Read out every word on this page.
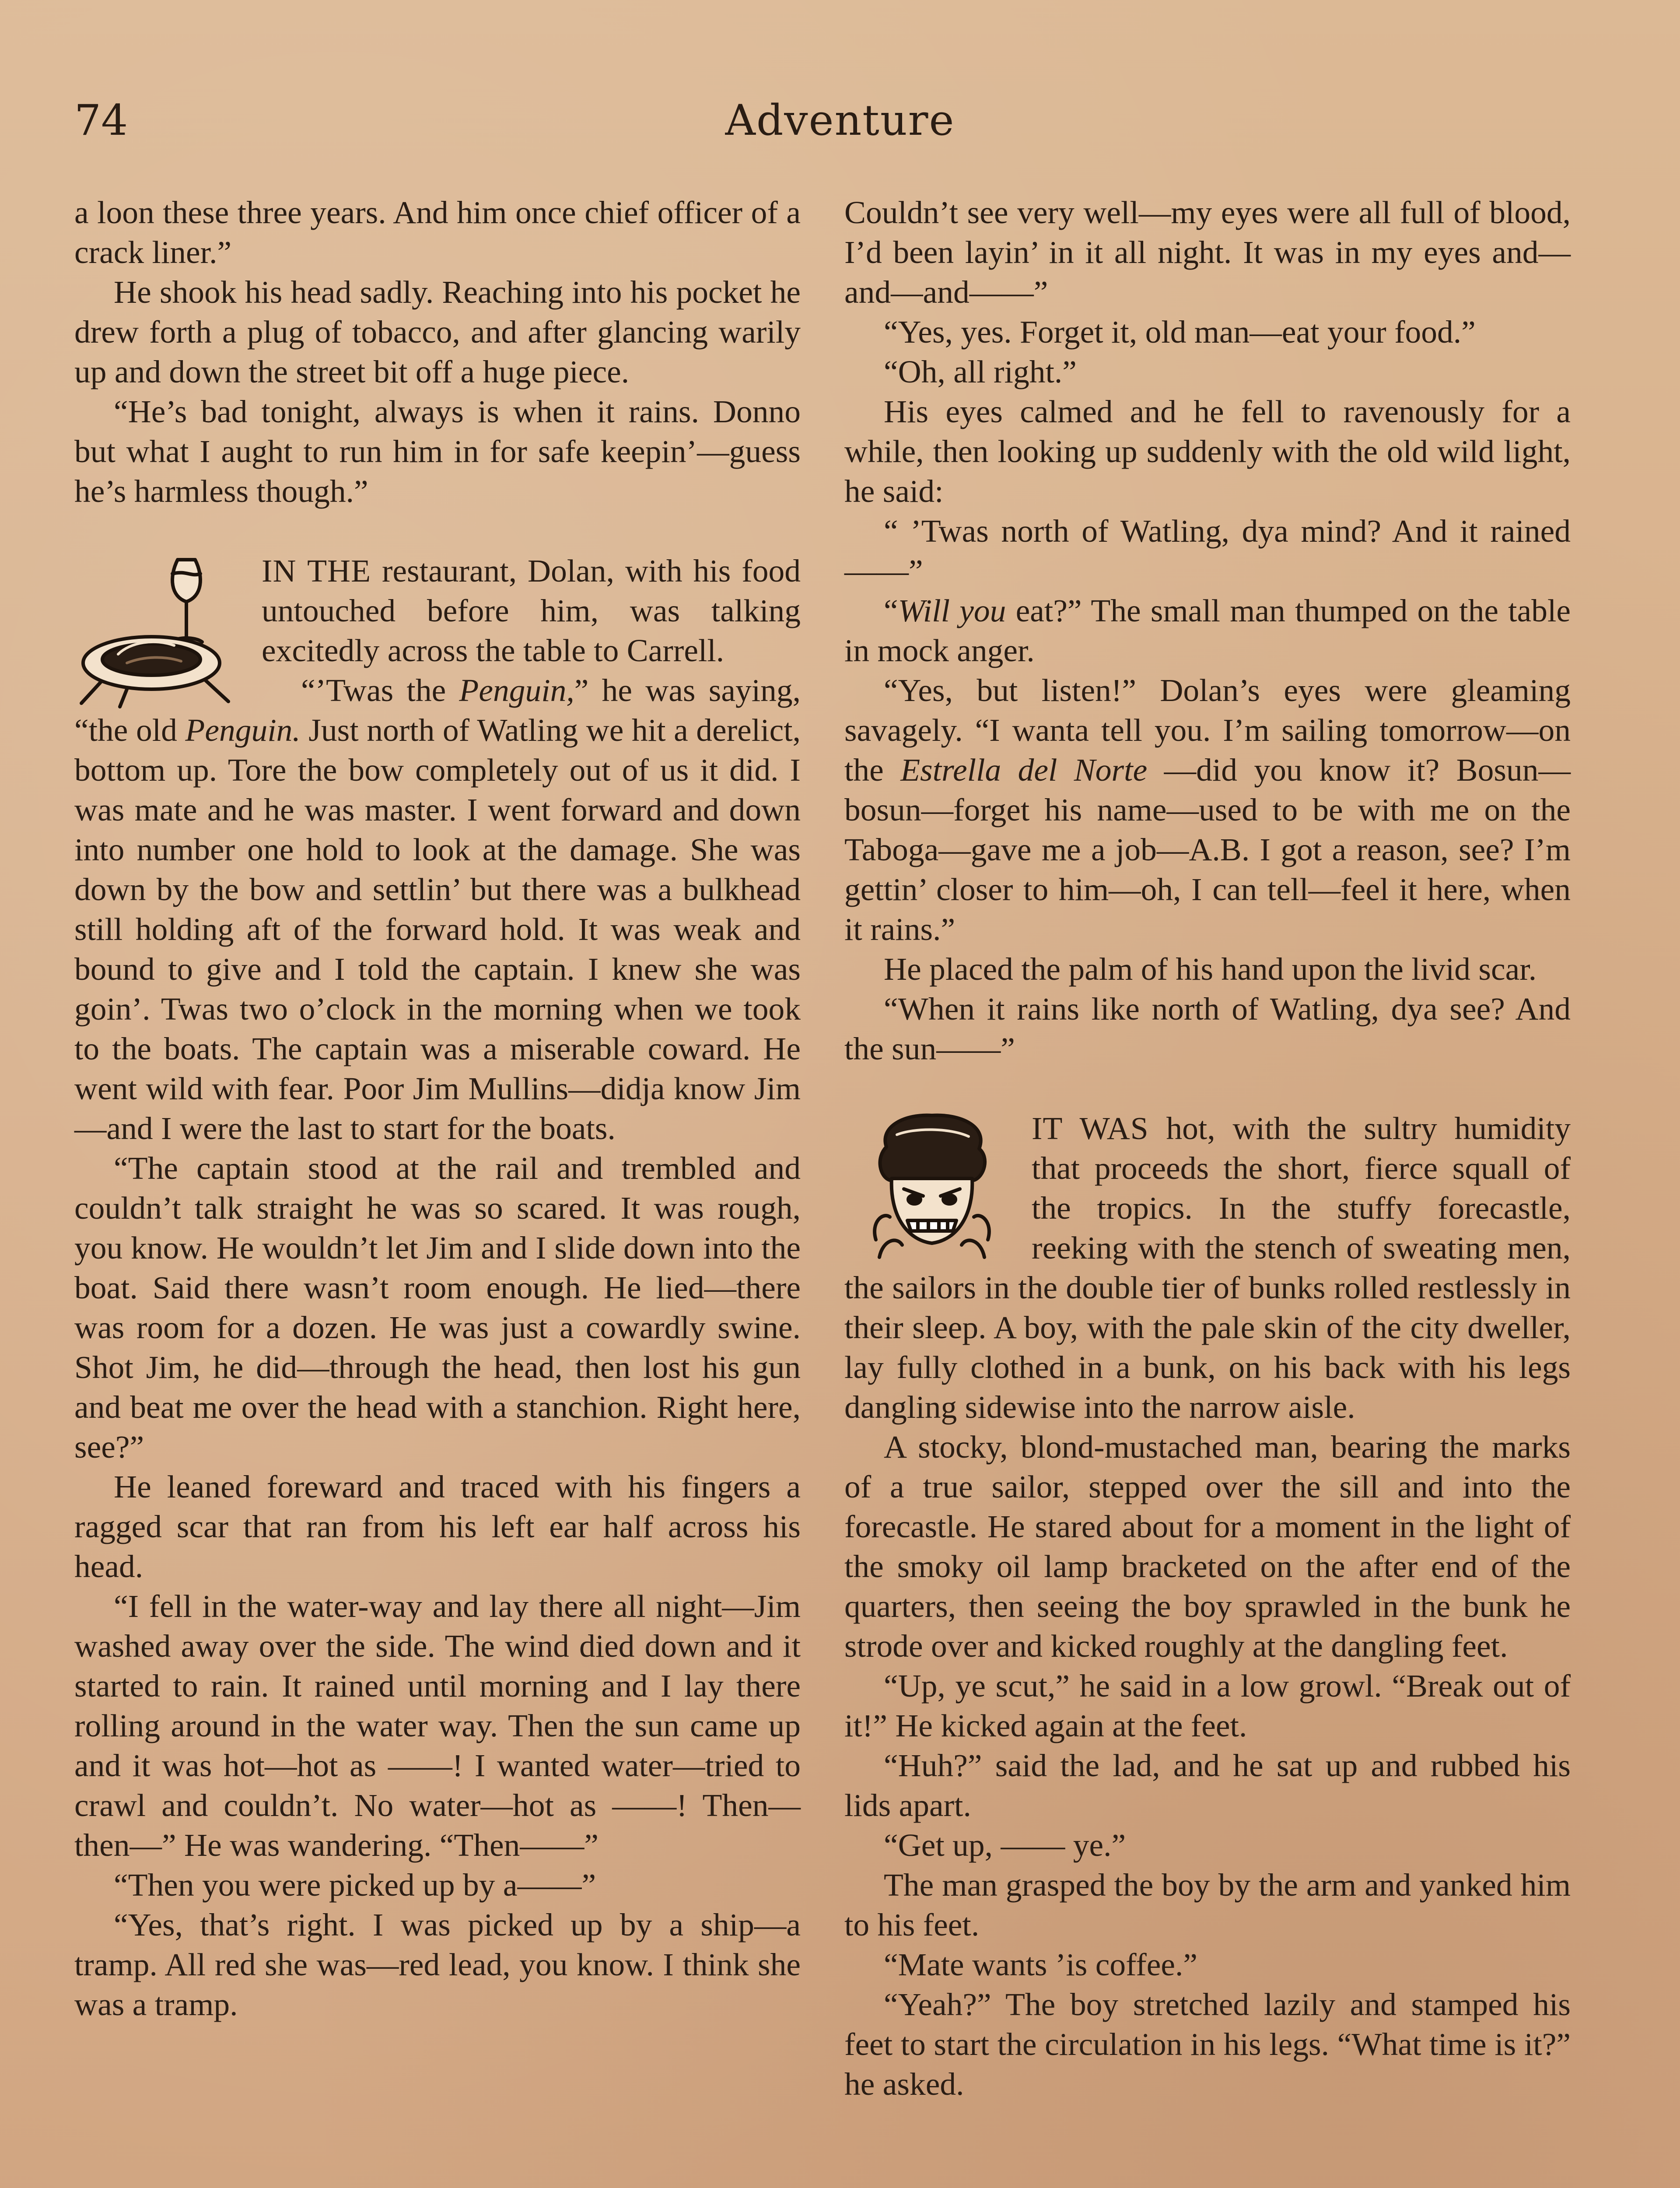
74	Adventure

a loon these three years. And him once chief officer of a crack liner.”

He shook his head sadly. Reaching into his pocket he drew forth a plug of tobacco, and after glancing warily up and down the street bit off a huge piece.

“He’s bad tonight, always is when it rains. Donno but what I aught to run him in for safe keepin’—guess he’s harmless though.”

IN THE restaurant, Dolan, with his food untouched before him, was talking excitedly across the table to Carrell.

“’Twas the Penguin,” he was saying, “the old Penguin. Just north of Watling we hit a derelict, bottom up. Tore the bow completely out of us it did. I was mate and he was master. I went forward and down into number one hold to look at the damage. She was down by the bow and settlin’ but there was a bulkhead still holding aft of the forward hold. It was weak and bound to give and I told the captain. I knew she was goin’. Twas two o’clock in the morning when we took to the boats. The captain was a miserable coward. He went wild with fear. Poor Jim Mullins—didja know Jim—and I were the last to start for the boats.

“The captain stood at the rail and trembled and couldn’t talk straight he was so scared. It was rough, you know. He wouldn’t let Jim and I slide down into the boat. Said there wasn’t room enough. He lied—there was room for a dozen. He was just a cowardly swine. Shot Jim, he did—through the head, then lost his gun and beat me over the head with a stanchion. Right here, see?”

He leaned foreward and traced with his fingers a ragged scar that ran from his left ear half across his head.

“I fell in the water-way and lay there all night—Jim washed away over the side. The wind died down and it started to rain. It rained until morning and I lay there rolling around in the water way. Then the sun came up and it was hot—hot as ——! I wanted water—tried to crawl and couldn’t. No water—hot as ——! Then—then—” He was wandering. “Then——”

“Then you were picked up by a——”

“Yes, that’s right. I was picked up by a ship—a tramp. All red she was—red lead, you know. I think she was a tramp.

Couldn’t see very well—my eyes were all full of blood, I’d been layin’ in it all night. It was in my eyes and—and—and——”

“Yes, yes. Forget it, old man—eat your food.”

“Oh, all right.”

His eyes calmed and he fell to ravenously for a while, then looking up suddenly with the old wild light, he said:

“ ’Twas north of Watling, dya mind? And it rained——”

“Will you eat?” The small man thumped on the table in mock anger.

“Yes, but listen!” Dolan’s eyes were gleaming savagely. “I wanta tell you. I’m sailing tomorrow—on the Estrella del Norte —did you know it? Bosun—bosun—forget his name—used to be with me on the Taboga—gave me a job—A.B. I got a reason, see? I’m gettin’ closer to him—oh, I can tell—feel it here, when it rains.”

He placed the palm of his hand upon the livid scar.

“When it rains like north of Watling, dya see? And the sun——”

IT WAS hot, with the sultry humidity that proceeds the short, fierce squall of the tropics. In the stuffy forecastle, reeking with the stench of sweating men, the sailors in the double tier of bunks rolled restlessly in their sleep. A boy, with the pale skin of the city dweller, lay fully clothed in a bunk, on his back with his legs dangling sidewise into the narrow aisle.

A stocky, blond-mustached man, bearing the marks of a true sailor, stepped over the sill and into the forecastle. He stared about for a moment in the light of the smoky oil lamp bracketed on the after end of the quarters, then seeing the boy sprawled in the bunk he strode over and kicked roughly at the dangling feet.

“Up, ye scut,” he said in a low growl. “Break out of it!” He kicked again at the feet.

“Huh?” said the lad, and he sat up and rubbed his lids apart.

“Get up, —— ye.”

The man grasped the boy by the arm and yanked him to his feet.

“Mate wants ’is coffee.”

“Yeah?” The boy stretched lazily and stamped his feet to start the circulation in his legs. “What time is it?” he asked.
